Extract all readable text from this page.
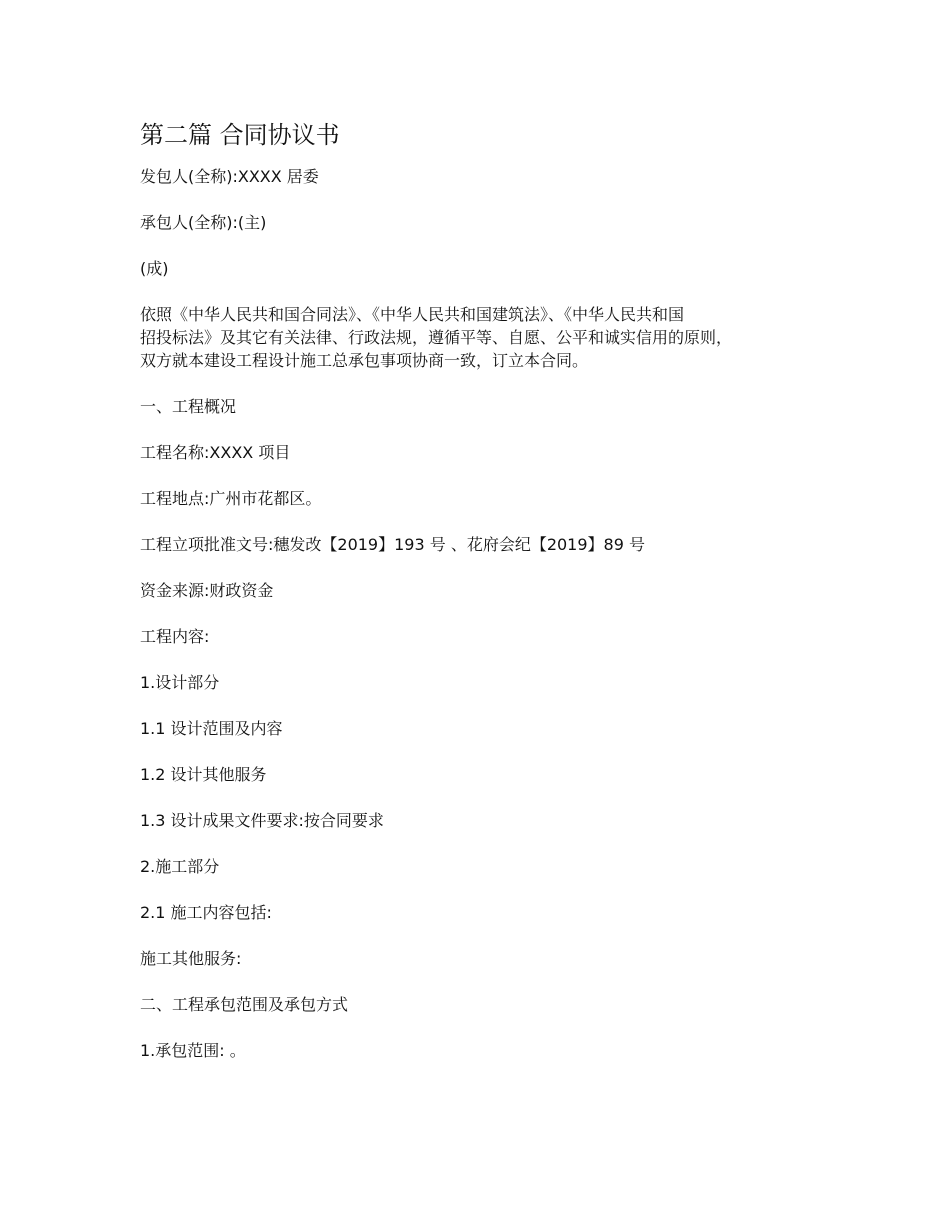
第二篇 合同协议书

发包人(全称):XXXX 居委

承包人(全称):(主)

(成)

依照《中华人民共和国合同法》、《中华人民共和国建筑法》、《中华人民共和国
招投标法》及其它有关法律、行政法规，遵循平等、自愿、公平和诚实信用的原则，
双方就本建设工程设计施工总承包事项协商一致，订立本合同。

一、工程概况

工程名称:XXXX 项目

工程地点:广州市花都区。

工程立项批准文号:穗发改【2019】193 号 、花府会纪【2019】89 号

资金来源:财政资金

工程内容:

1.设计部分

1.1 设计范围及内容

1.2 设计其他服务

1.3 设计成果文件要求:按合同要求

2.施工部分

2.1 施工内容包括:

施工其他服务:

二、工程承包范围及承包方式

1.承包范围: 。
